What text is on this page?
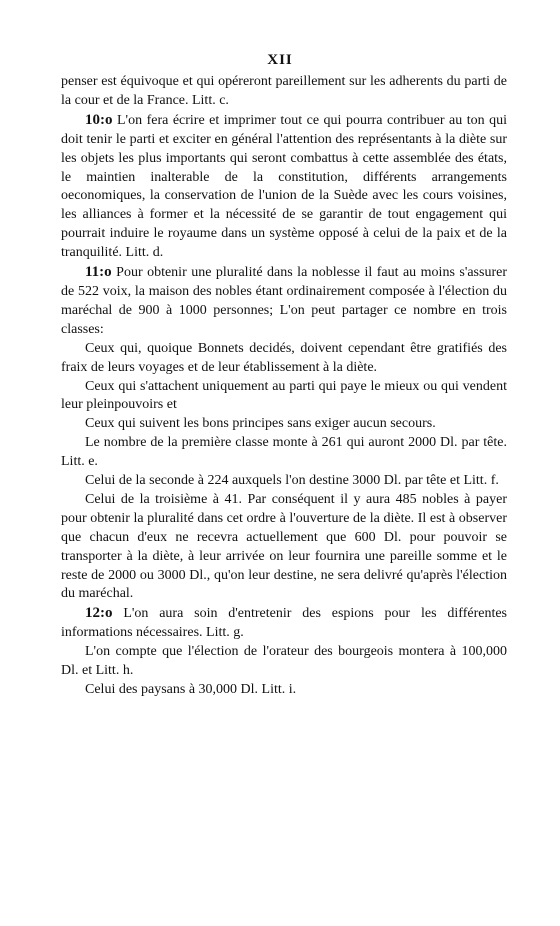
XII

penser est équivoque et qui opéreront pareillement sur les adherents du parti de la cour et de la France. Litt. c.

10:o L'on fera écrire et imprimer tout ce qui pourra contribuer au ton qui doit tenir le parti et exciter en général l'attention des représentants à la diète sur les objets les plus importants qui seront combattus à cette assemblée des états, le maintien inalterable de la constitution, différents arrangements oeconomiques, la conservation de l'union de la Suède avec les cours voisines, les alliances à former et la nécessité de se garantir de tout engagement qui pourrait induire le royaume dans un système opposé à celui de la paix et de la tranquilité. Litt. d.

11:o Pour obtenir une pluralité dans la noblesse il faut au moins s'assurer de 522 voix, la maison des nobles étant ordinairement composée à l'élection du maréchal de 900 à 1000 personnes; L'on peut partager ce nombre en trois classes:

Ceux qui, quoique Bonnets decidés, doivent cependant être gratifiés des fraix de leurs voyages et de leur établissement à la diète.

Ceux qui s'attachent uniquement au parti qui paye le mieux ou qui vendent leur pleinpouvoirs et

Ceux qui suivent les bons principes sans exiger aucun secours.

Le nombre de la première classe monte à 261 qui auront 2000 Dl. par tête. Litt. e.

Celui de la seconde à 224 auxquels l'on destine 3000 Dl. par tête et Litt. f.

Celui de la troisième à 41. Par conséquent il y aura 485 nobles à payer pour obtenir la pluralité dans cet ordre à l'ouverture de la diète. Il est à observer que chacun d'eux ne recevra actuellement que 600 Dl. pour pouvoir se transporter à la diète, à leur arrivée on leur fournira une pareille somme et le reste de 2000 ou 3000 Dl., qu'on leur destine, ne sera delivré qu'après l'élection du maréchal.

12:o L'on aura soin d'entretenir des espions pour les différentes informations nécessaires. Litt. g.

L'on compte que l'élection de l'orateur des bourgeois montera à 100,000 Dl. et Litt. h.

Celui des paysans à 30,000 Dl. Litt. i.
